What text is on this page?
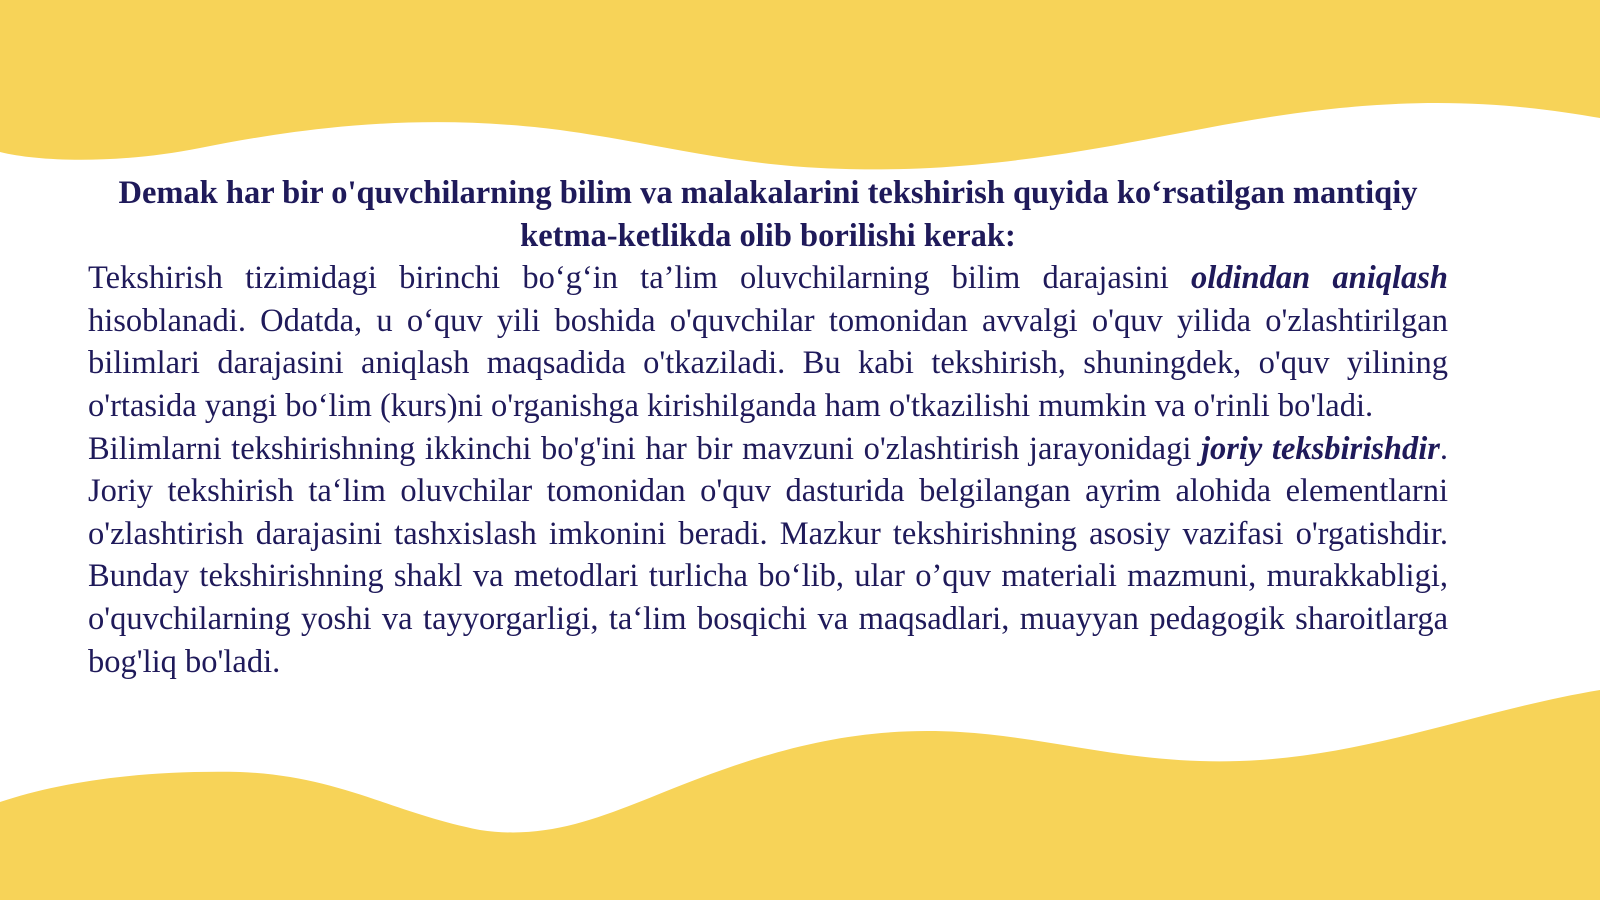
Demak har bir o'quvchilarning bilim va malakalarini tekshirish quyida ko‘rsatilgan mantiqiy ketma-ketlikda olib borilishi kerak:

Tekshirish tizimidagi birinchi bo‘g‘in ta’lim oluvchilarning bilim darajasini oldindan aniqlash hisoblanadi. Odatda, u o‘quv yili boshida o'quvchilar tomonidan avvalgi o'quv yilida o'zlashtirilgan bilimlari darajasini aniqlash maqsadida o'tkaziladi. Bu kabi tekshirish, shuningdek, o'quv yilining o'rtasida yangi bo‘lim (kurs)ni o'rganishga kirishilganda ham o'tkazilishi mumkin va o'rinli bo'ladi.

Bilimlarni tekshirishning ikkinchi bo'g'ini har bir mavzuni o'zlashtirish jarayonidagi joriy teksbirishdir. Joriy tekshirish ta‘lim oluvchilar tomonidan o'quv dasturida belgilangan ayrim alohida elementlarni o'zlashtirish darajasini tashxislash imkonini beradi. Mazkur tekshirishning asosiy vazifasi o'rgatishdir. Bunday tekshirishning shakl va metodlari turlicha bo‘lib, ular o’quv materiali mazmuni, murakkabligi, o'quvchilarning yoshi va tayyorgarligi, ta‘lim bosqichi va maqsadlari, muayyan pedagogik sharoitlarga bog'liq bo'ladi.
